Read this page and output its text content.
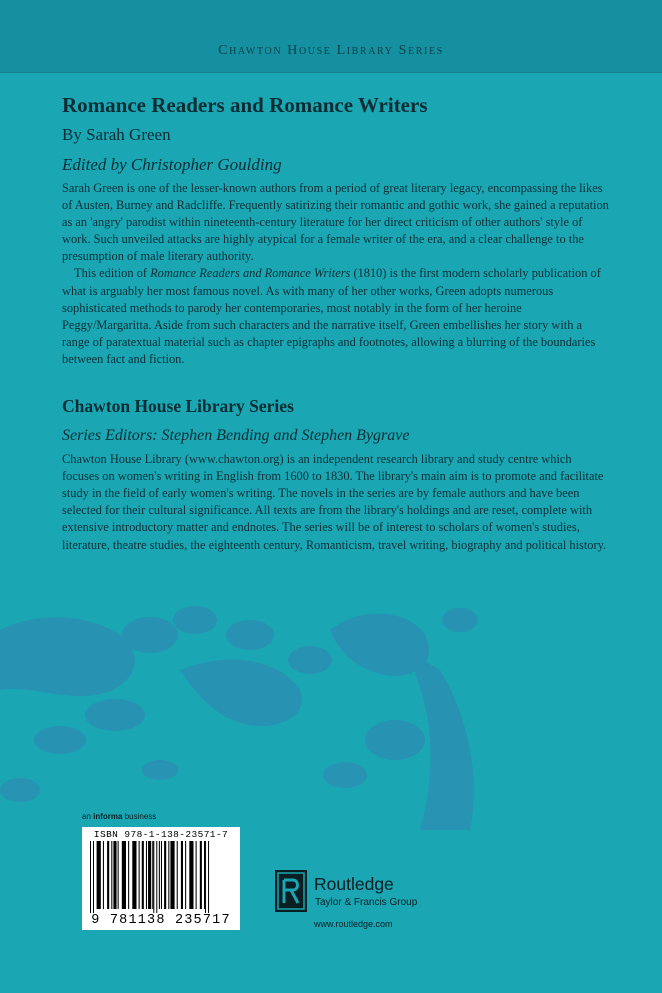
Chawton House Library Series
Romance Readers and Romance Writers
By Sarah Green
Edited by Christopher Goulding

Sarah Green is one of the lesser-known authors from a period of great literary legacy, encompassing the likes of Austen, Burney and Radcliffe. Frequently satirizing their romantic and gothic work, she gained a reputation as an 'angry' parodist within nineteenth-century literature for her direct criticism of other authors' style of work. Such unveiled attacks are highly atypical for a female writer of the era, and a clear challenge to the presumption of male literary authority.

This edition of Romance Readers and Romance Writers (1810) is the first modern scholarly publication of what is arguably her most famous novel. As with many of her other works, Green adopts numerous sophisticated methods to parody her contemporaries, most notably in the form of her heroine Peggy/Margaritta. Aside from such characters and the narrative itself, Green embellishes her story with a range of paratextual material such as chapter epigraphs and footnotes, allowing a blurring of the boundaries between fact and fiction.

Chawton House Library Series
Series Editors: Stephen Bending and Stephen Bygrave

Chawton House Library (www.chawton.org) is an independent research library and study centre which focuses on women's writing in English from 1600 to 1830. The library's main aim is to promote and facilitate study in the field of early women's writing. The novels in the series are by female authors and have been selected for their cultural significance. All texts are from the library's holdings and are reset, complete with extensive introductory matter and endnotes. The series will be of interest to scholars of women's studies, literature, theatre studies, the eighteenth century, Romanticism, travel writing, biography and political history.

an informa business
ISBN 978-1-138-23571-7
9 781138 235717
Routledge
Taylor & Francis Group
www.routledge.com
